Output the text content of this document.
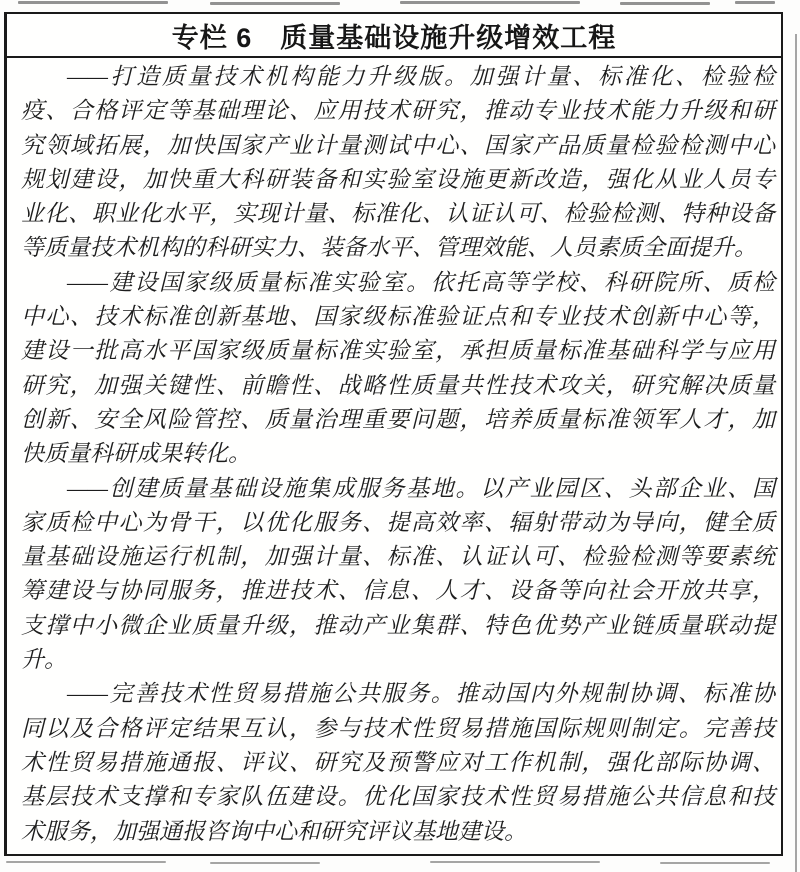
专栏 6　质量基础设施升级增效工程
——打造质量技术机构能力升级版。加强计量、标准化、检验检
疫、合格评定等基础理论、应用技术研究，推动专业技术能力升级和研
究领域拓展，加快国家产业计量测试中心、国家产品质量检验检测中心
规划建设，加快重大科研装备和实验室设施更新改造，强化从业人员专
业化、职业化水平，实现计量、标准化、认证认可、检验检测、特种设备
等质量技术机构的科研实力、装备水平、管理效能、人员素质全面提升。
——建设国家级质量标准实验室。依托高等学校、科研院所、质检
中心、技术标准创新基地、国家级标准验证点和专业技术创新中心等，
建设一批高水平国家级质量标准实验室，承担质量标准基础科学与应用
研究，加强关键性、前瞻性、战略性质量共性技术攻关，研究解决质量
创新、安全风险管控、质量治理重要问题，培养质量标准领军人才，加
快质量科研成果转化。
——创建质量基础设施集成服务基地。以产业园区、头部企业、国
家质检中心为骨干，以优化服务、提高效率、辐射带动为导向，健全质
量基础设施运行机制，加强计量、标准、认证认可、检验检测等要素统
筹建设与协同服务，推进技术、信息、人才、设备等向社会开放共享，
支撑中小微企业质量升级，推动产业集群、特色优势产业链质量联动提
升。
——完善技术性贸易措施公共服务。推动国内外规制协调、标准协
同以及合格评定结果互认，参与技术性贸易措施国际规则制定。完善技
术性贸易措施通报、评议、研究及预警应对工作机制，强化部际协调、
基层技术支撑和专家队伍建设。优化国家技术性贸易措施公共信息和技
术服务，加强通报咨询中心和研究评议基地建设。
